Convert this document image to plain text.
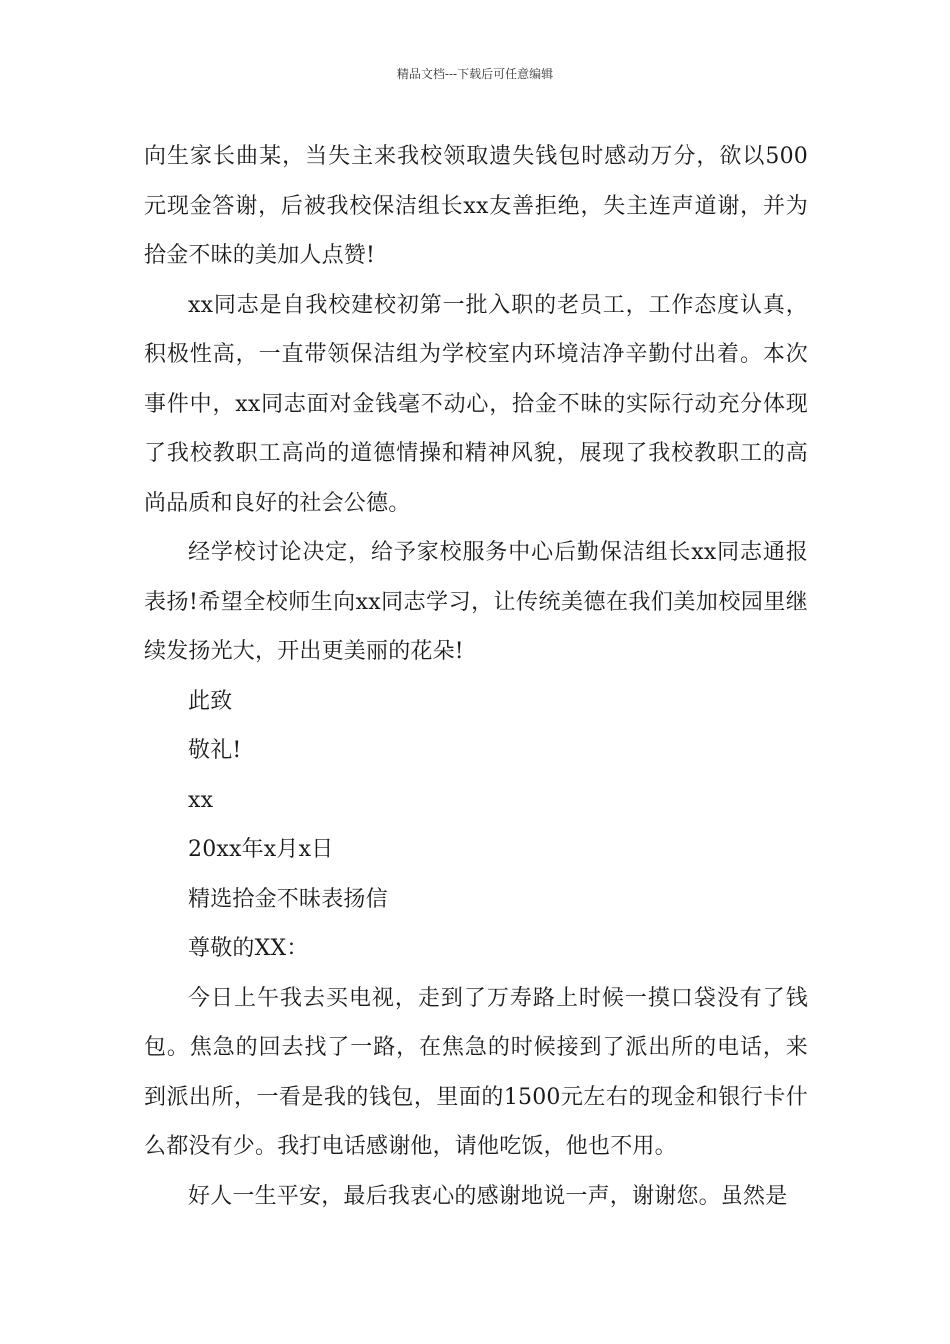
精品文档---下载后可任意编辑

向生家长曲某，当失主来我校领取遗失钱包时感动万分，欲以500元现金答谢，后被我校保洁组长xx友善拒绝，失主连声道谢，并为拾金不昧的美加人点赞!

xx同志是自我校建校初第一批入职的老员工，工作态度认真，积极性高，一直带领保洁组为学校室内环境洁净辛勤付出着。本次事件中，xx同志面对金钱毫不动心，拾金不昧的实际行动充分体现了我校教职工高尚的道德情操和精神风貌，展现了我校教职工的高尚品质和良好的社会公德。

经学校讨论决定，给予家校服务中心后勤保洁组长xx同志通报表扬!希望全校师生向xx同志学习，让传统美德在我们美加校园里继续发扬光大，开出更美丽的花朵!

此致

敬礼!

xx

20xx年x月x日

精选拾金不昧表扬信

尊敬的XX：

今日上午我去买电视，走到了万寿路上时候一摸口袋没有了钱包。焦急的回去找了一路，在焦急的时候接到了派出所的电话，来到派出所，一看是我的钱包，里面的1500元左右的现金和银行卡什么都没有少。我打电话感谢他，请他吃饭，他也不用。

好人一生平安，最后我衷心的感谢地说一声，谢谢您。虽然是
